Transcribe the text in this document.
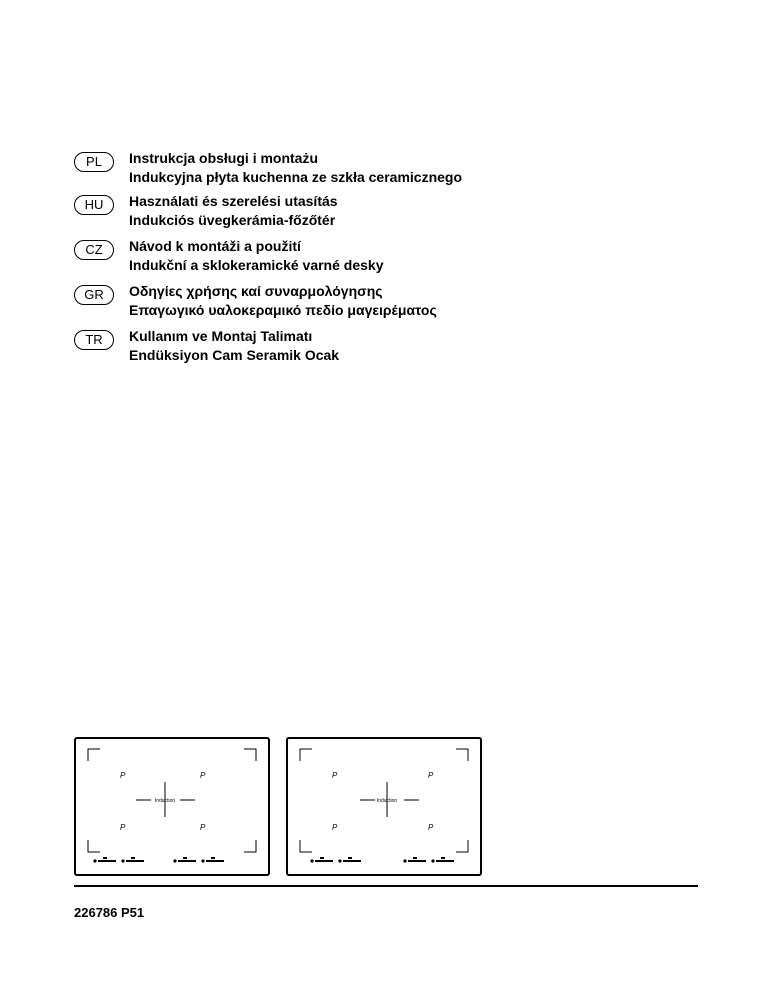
PL	Instrukcja obsługi i montażu
Indukcyjna płyta kuchenna ze szkła ceramicznego
HU	Használati és szerelési utasítás
Indukciós üvegkerámia-főzőtér
CZ	Návod k montáži a použití
Indukční a sklokeramické varné desky
GR	Οδηγίες χρήσης καί συναρμολόγησης
Επαγωγικό υαλοκεραμικό πεδίο μαγειρέματος
TR	Kullanım ve Montaj Talimatı
Endüksiyon Cam Seramik Ocak
P	P
P	P
Induction
P	P
P	P
Induction
226786 P51
